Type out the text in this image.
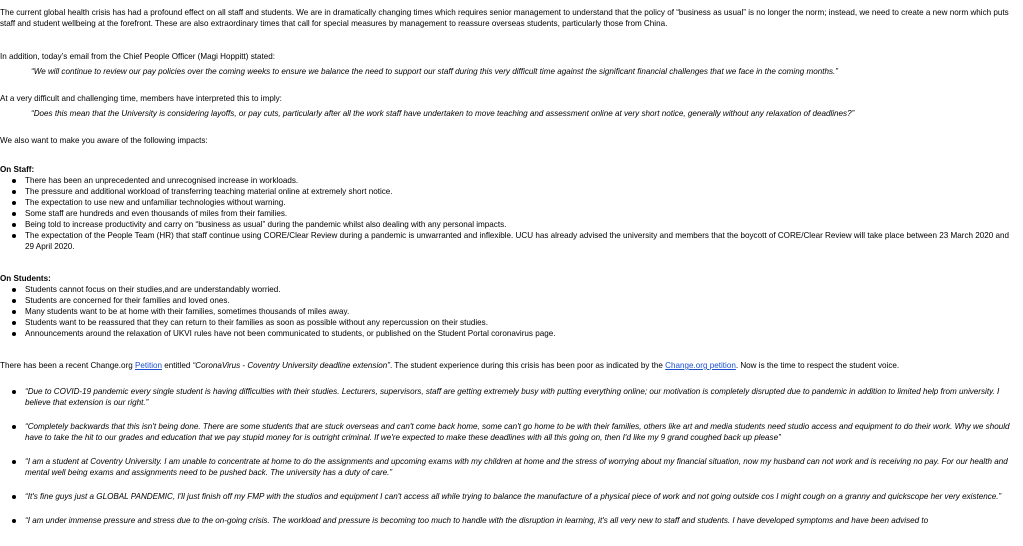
The current global health crisis has had a profound effect on all staff and students. We are in dramatically changing times which requires senior management to understand that the policy of “business as usual” is no longer the norm; instead, we need to create a new norm which puts staff and student wellbeing at the forefront. These are also extraordinary times that call for special measures by management to reassure overseas students, particularly those from China.

In addition, today’s email from the Chief People Officer (Magi Hoppitt) stated:

“We will continue to review our pay policies over the coming weeks to ensure we balance the need to support our staff during this very difficult time against the significant financial challenges that we face in the coming months.”

At a very difficult and challenging time, members have interpreted this to imply:

“Does this mean that the University is considering layoffs, or pay cuts, particularly after all the work staff have undertaken to move teaching and assessment online at very short notice, generally without any relaxation of deadlines?”

We also want to make you aware of the following impacts:

On Staff:

There has been an unprecedented and unrecognised increase in workloads.
The pressure and additional workload of transferring teaching material online at extremely short notice.
The expectation to use new and unfamiliar technologies without warning.
Some staff are hundreds and even thousands of miles from their families.
Being told to increase productivity and carry on “business as usual” during the pandemic whilst also dealing with any personal impacts.
The expectation of the People Team (HR) that staff continue using CORE/Clear Review during a pandemic is unwarranted and inflexible. UCU has already advised the university and members that the boycott of CORE/Clear Review will take place between 23 March 2020 and 29 April 2020.

On Students:

Students cannot focus on their studies,and are understandably worried.
Students are concerned for their families and loved ones.
Many students want to be at home with their families, sometimes thousands of miles away.
Students want to be reassured that they can return to their families as soon as possible without any repercussion on their studies.
Announcements around the relaxation of UKVI rules have not been communicated to students, or published on the Student Portal coronavirus page.

There has been a recent Change.org Petition entitled “CoronaVirus - Coventry University deadline extension”. The student experience during this crisis has been poor as indicated by the Change.org petition. Now is the time to respect the student voice.

“Due to COVID-19 pandemic every single student is having difficulties with their studies. Lecturers, supervisors, staff are getting extremely busy with putting everything online; our motivation is completely disrupted due to pandemic in addition to limited help from university. I believe that extension is our right.”
“Completely backwards that this isn't being done. There are some students that are stuck overseas and can't come back home, some can't go home to be with their families, others like art and media students need studio access and equipment to do their work. Why we should have to take the hit to our grades and education that we pay stupid money for is outright criminal. If we're expected to make these deadlines with all this going on, then I'd like my 9 grand coughed back up please”
“I am a student at Coventry University. I am unable to concentrate at home to do the assignments and upcoming exams with my children at home and the stress of worrying about my financial situation, now my husband can not work and is receiving no pay. For our health and mental well being exams and assignments need to be pushed back. The university has a duty of care.”
“It's fine guys just a GLOBAL PANDEMIC, I'll just finish off my FMP with the studios and equipment I can't access all while trying to balance the manufacture of a physical piece of work and not going outside cos I might cough on a granny and quickscope her very existence.”
“I am under immense pressure and stress due to the on-going crisis. The workload and pressure is becoming too much to handle with the disruption in learning, it's all very new to staff and students. I have developed symptoms and have been advised to
